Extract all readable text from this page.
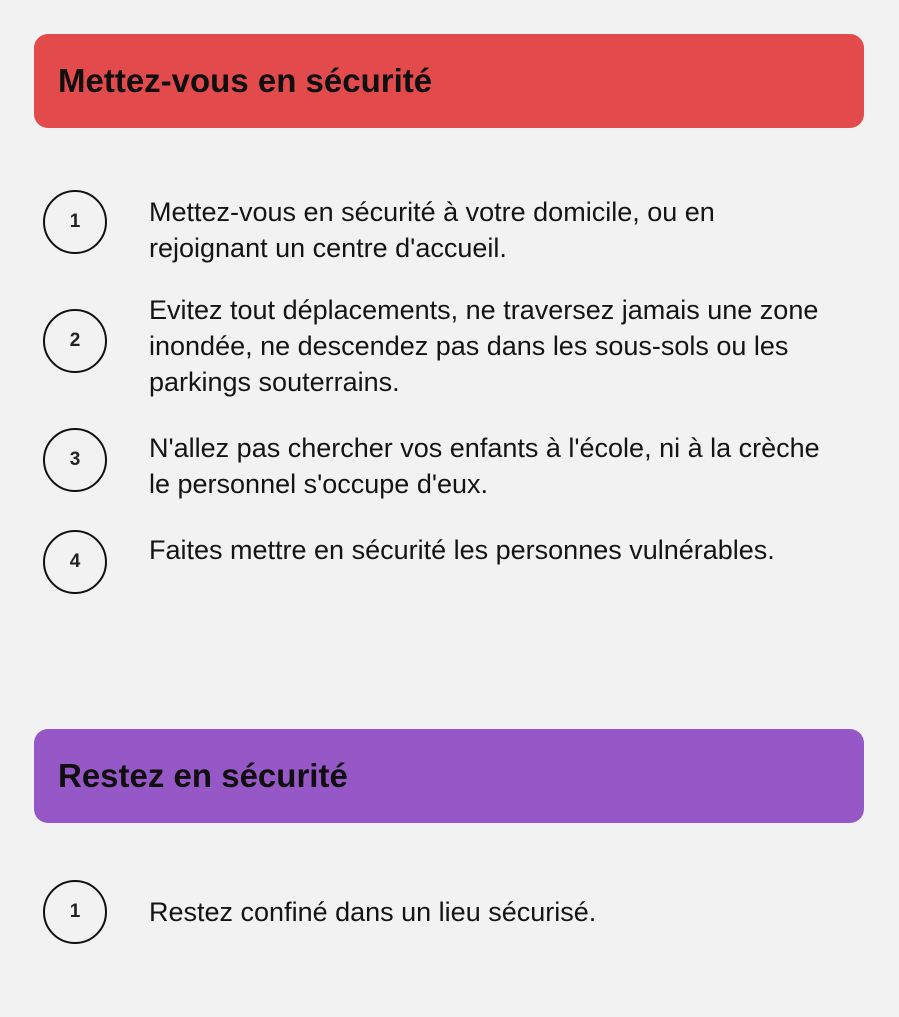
Mettez-vous en sécurité
1	Mettez-vous en sécurité à votre domicile, ou en rejoignant un centre d'accueil.
2
Evitez tout déplacements, ne traversez jamais une zone inondée, ne descendez pas dans les sous-sols ou les parkings souterrains.
3	N'allez pas chercher vos enfants à l'école, ni à la crèche le personnel s'occupe d'eux.
4	Faites mettre en sécurité les personnes vulnérables.
Restez en sécurité
1	Restez confiné dans un lieu sécurisé.
